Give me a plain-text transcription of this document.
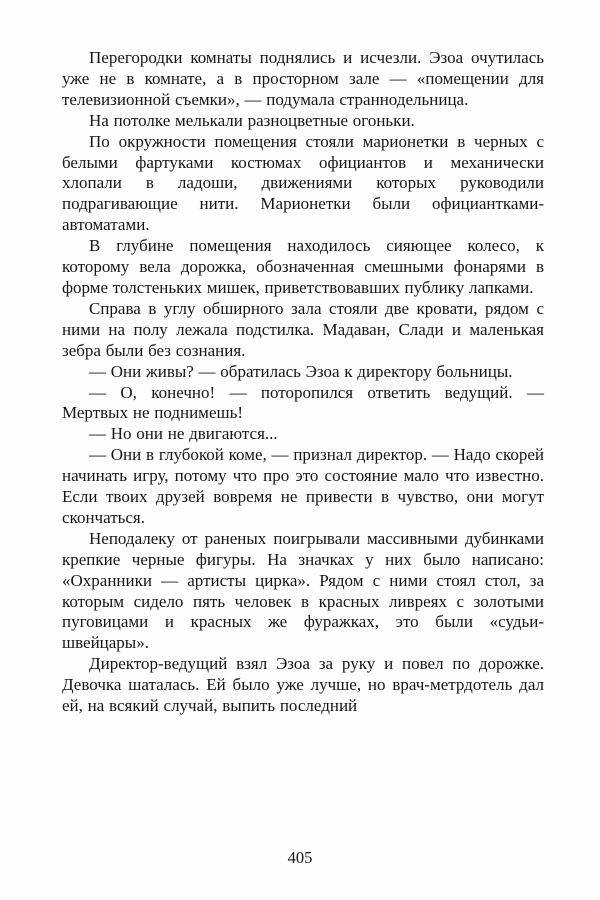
Перегородки комнаты поднялись и исчезли. Эзоа очутилась уже не в комнате, а в просторном зале — «помещении для телевизионной съемки», — подумала страннодельница.

На потолке мелькали разноцветные огоньки.

По окружности помещения стояли марионетки в черных с белыми фартуками костюмах официантов и механически хлопали в ладоши, движениями которых руководили подрагивающие нити. Марионетки были официантками-автоматами.

В глубине помещения находилось сияющее колесо, к которому вела дорожка, обозначенная смешными фонарями в форме толстеньких мишек, приветствовавших публику лапками.

Справа в углу обширного зала стояли две кровати, рядом с ними на полу лежала подстилка. Мадаван, Слади и маленькая зебра были без сознания.

— Они живы? — обратилась Эзоа к директору больницы.

— О, конечно! — поторопился ответить ведущий. — Мертвых не поднимешь!

— Но они не двигаются...

— Они в глубокой коме, — признал директор. — Надо скорей начинать игру, потому что про это состояние мало что известно. Если твоих друзей вовремя не привести в чувство, они могут скончаться.

Неподалеку от раненых поигрывали массивными дубинками крепкие черные фигуры. На значках у них было написано: «Охранники — артисты цирка». Рядом с ними стоял стол, за которым сидело пять человек в красных ливреях с золотыми пуговицами и красных же фуражках, это были «судьи-швейцары».

Директор-ведущий взял Эзоа за руку и повел по дорожке. Девочка шаталась. Ей было уже лучше, но врач-метрдотель дал ей, на всякий случай, выпить последний

405
